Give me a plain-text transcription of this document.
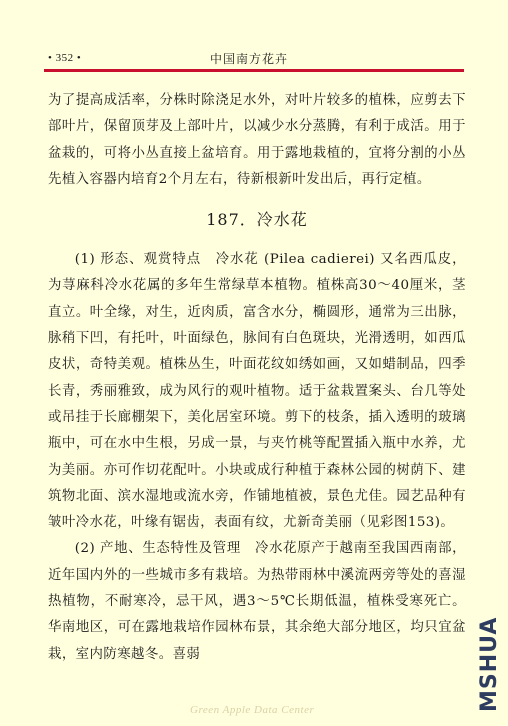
• 352 •	中国南方花卉

为了提高成活率，分株时除浇足水外，对叶片较多的植株，应剪去下部叶片，保留顶芽及上部叶片，以减少水分蒸腾，有利于成活。用于盆栽的，可将小丛直接上盆培育。用于露地栽植的，宜将分割的小丛先植入容器内培育2个月左右，待新根新叶发出后，再行定植。

187．冷水花

(1) 形态、观赏特点　冷水花 (Pilea cadierei) 又名西瓜皮，为荨麻科冷水花属的多年生常绿草本植物。植株高30～40厘米，茎直立。叶全缘，对生，近肉质，富含水分，椭圆形，通常为三出脉，脉稍下凹，有托叶，叶面绿色，脉间有白色斑块，光滑透明，如西瓜皮状，奇特美观。植株丛生，叶面花纹如绣如画，又如蜡制品，四季长青，秀丽雅致，成为风行的观叶植物。适于盆栽置案头、台几等处或吊挂于长廊棚架下，美化居室环境。剪下的枝条，插入透明的玻璃瓶中，可在水中生根，另成一景，与夹竹桃等配置插入瓶中水养，尤为美丽。亦可作切花配叶。小块或成行种植于森林公园的树荫下、建筑物北面、滨水湿地或流水旁，作铺地植被，景色尤佳。园艺品种有皱叶冷水花，叶缘有锯齿，表面有纹，尤新奇美丽（见彩图153)。

(2) 产地、生态特性及管理　冷水花原产于越南至我国西南部，近年国内外的一些城市多有栽培。为热带雨林中溪流两旁等处的喜湿热植物，不耐寒冷，忌干风，遇3～5℃长期低温，植株受寒死亡。华南地区，可在露地栽培作园林布景，其余绝大部分地区，均只宜盆栽，室内防寒越冬。喜弱

Green Apple Data Center	MSHUA
